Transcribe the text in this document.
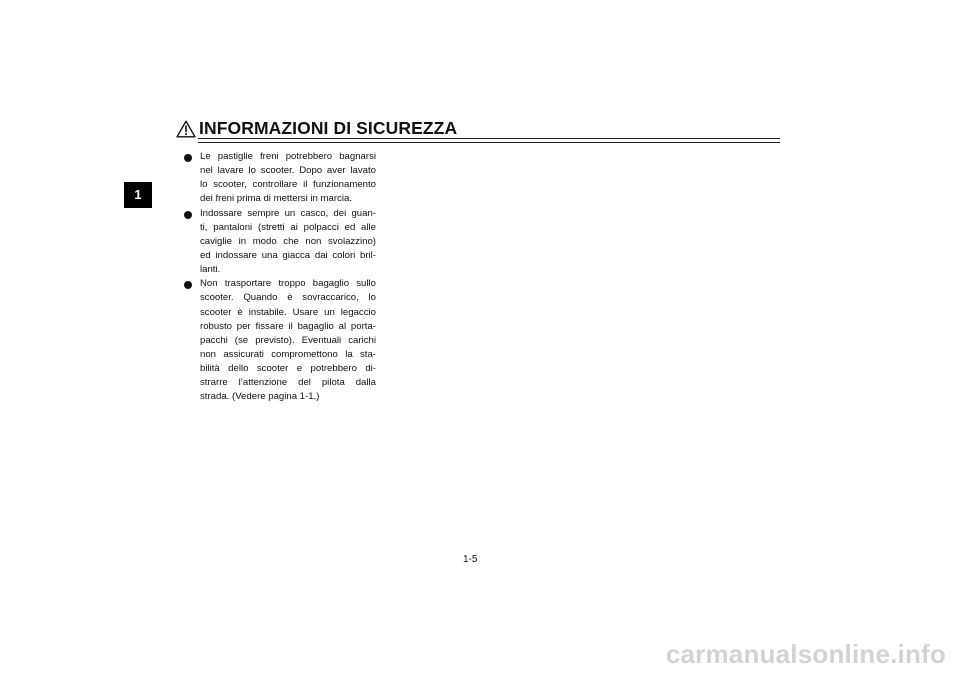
INFORMAZIONI DI SICUREZZA
1
Le pastiglie freni potrebbero bagnarsi
nel lavare lo scooter. Dopo aver lavato
lo scooter, controllare il funzionamento
dei freni prima di mettersi in marcia.
Indossare sempre un casco, dei guan-
ti, pantaloni (stretti ai polpacci ed alle
caviglie in modo che non svolazzino)
ed indossare una giacca dai colori bril-
lanti.
Non trasportare troppo bagaglio sullo
scooter. Quando è sovraccarico, lo
scooter è instabile. Usare un legaccio
robusto per fissare il bagaglio al porta-
pacchi (se previsto). Eventuali carichi
non assicurati compromettono la sta-
bilità dello scooter e potrebbero di-
strarre l’attenzione del pilota dalla
strada. (Vedere pagina 1-1.)
1-5
carmanualsonline.info
